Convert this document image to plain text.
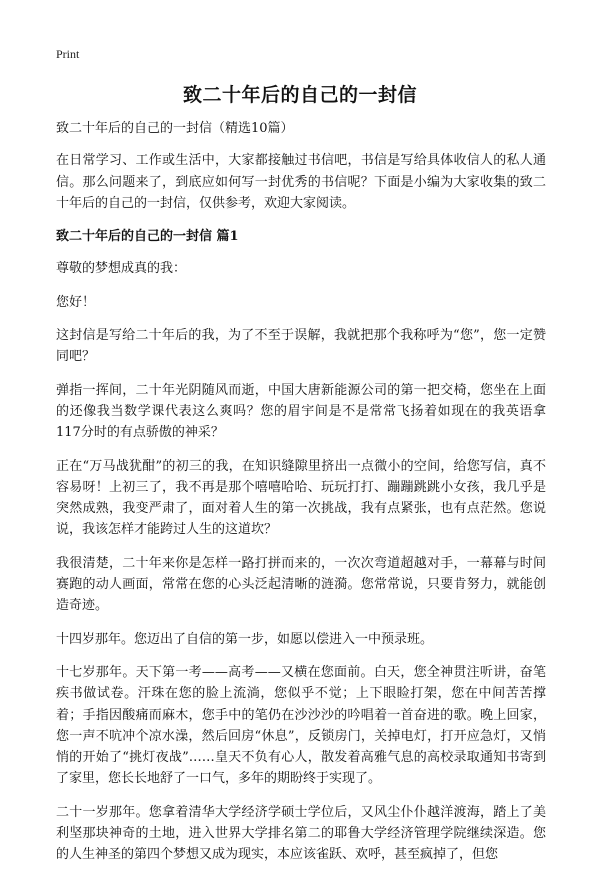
Print
致二十年后的自己的一封信

致二十年后的自己的一封信（精选10篇）

在日常学习、工作或生活中，大家都接触过书信吧，书信是写给具体收信人的私人通信。那么问题来了，到底应如何写一封优秀的书信呢？下面是小编为大家收集的致二十年后的自己的一封信，仅供参考，欢迎大家阅读。

致二十年后的自己的一封信 篇1

尊敬的梦想成真的我：

您好！

这封信是写给二十年后的我，为了不至于误解，我就把那个我称呼为“您”，您一定赞同吧？

弹指一挥间，二十年光阴随风而逝，中国大唐新能源公司的第一把交椅，您坐在上面的还像我当数学课代表这么爽吗？您的眉宇间是不是常常飞扬着如现在的我英语拿117分时的有点骄傲的神采？

正在“万马战犹酣”的初三的我，在知识缝隙里挤出一点微小的空间，给您写信，真不容易呀！上初三了，我不再是那个嘻嘻哈哈、玩玩打打、蹦蹦跳跳小女孩，我几乎是突然成熟，我变严肃了，面对着人生的第一次挑战，我有点紧张，也有点茫然。您说说，我该怎样才能跨过人生的这道坎？

我很清楚，二十年来你是怎样一路打拼而来的，一次次弯道超越对手，一幕幕与时间赛跑的动人画面，常常在您的心头泛起清晰的涟漪。您常常说，只要肯努力，就能创造奇迹。

十四岁那年。您迈出了自信的第一步，如愿以偿进入一中预录班。

十七岁那年。天下第一考——高考——又横在您面前。白天，您全神贯注听讲，奋笔疾书做试卷。汗珠在您的脸上流淌，您似乎不觉；上下眼睑打架，您在中间苦苦撑着；手指因酸痛而麻木，您手中的笔仍在沙沙沙的吟唱着一首奋进的歌。晚上回家，您一声不吭冲个凉水澡，然后回房“休息”，反锁房门，关掉电灯，打开应急灯，又悄悄的开始了“挑灯夜战”……皇天不负有心人，散发着高雅气息的高校录取通知书寄到了家里，您长长地舒了一口气，多年的期盼终于实现了。

二十一岁那年。您拿着清华大学经济学硕士学位后，又风尘仆仆越洋渡海，踏上了美利坚那块神奇的土地，进入世界大学排名第二的耶鲁大学经济管理学院继续深造。您的人生神圣的第四个梦想又成为现实，本应该雀跃、欢呼，甚至疯掉了，但您
